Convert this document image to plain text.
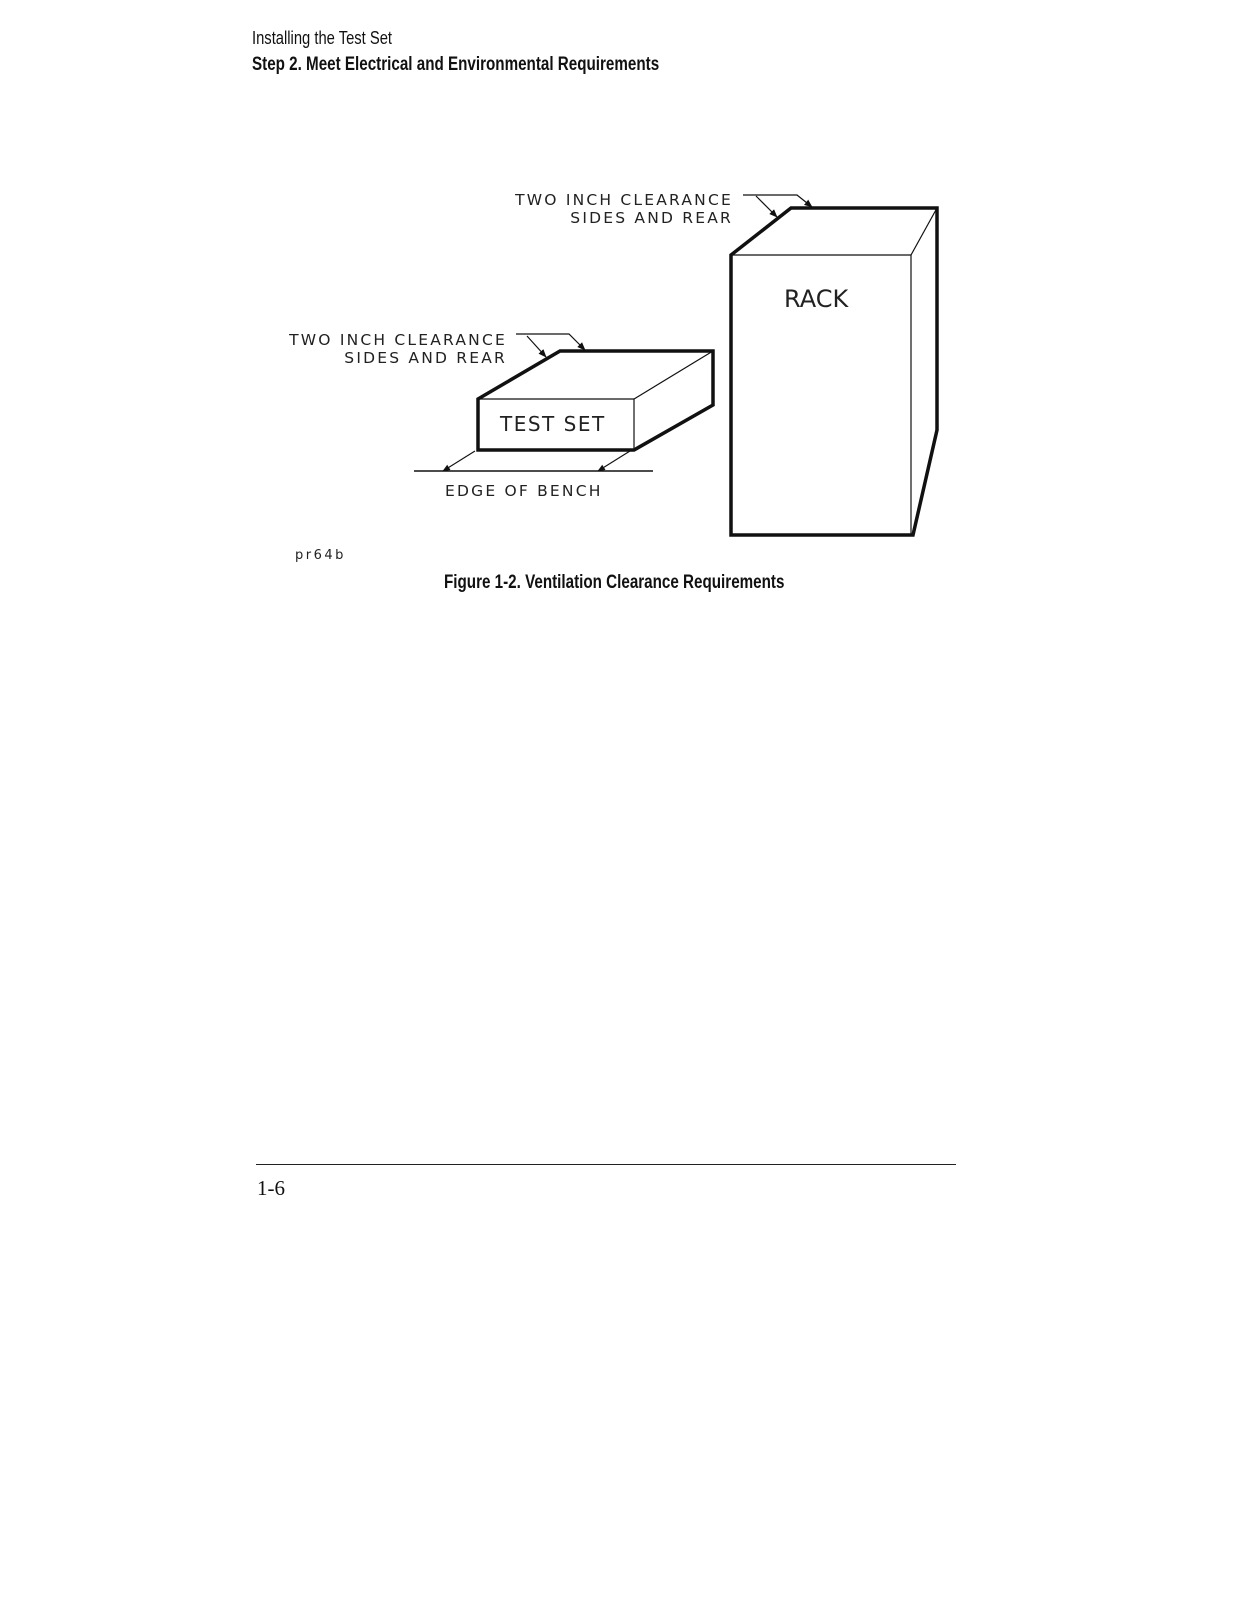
Installing the Test Set
Step 2. Meet Electrical and Environmental Requirements
RACK
TWO INCH CLEARANCE
SIDES AND REAR
TEST SET
TWO INCH CLEARANCE
SIDES AND REAR
EDGE OF BENCH
pr64b
Figure 1-2. Ventilation Clearance Requirements
1-6
